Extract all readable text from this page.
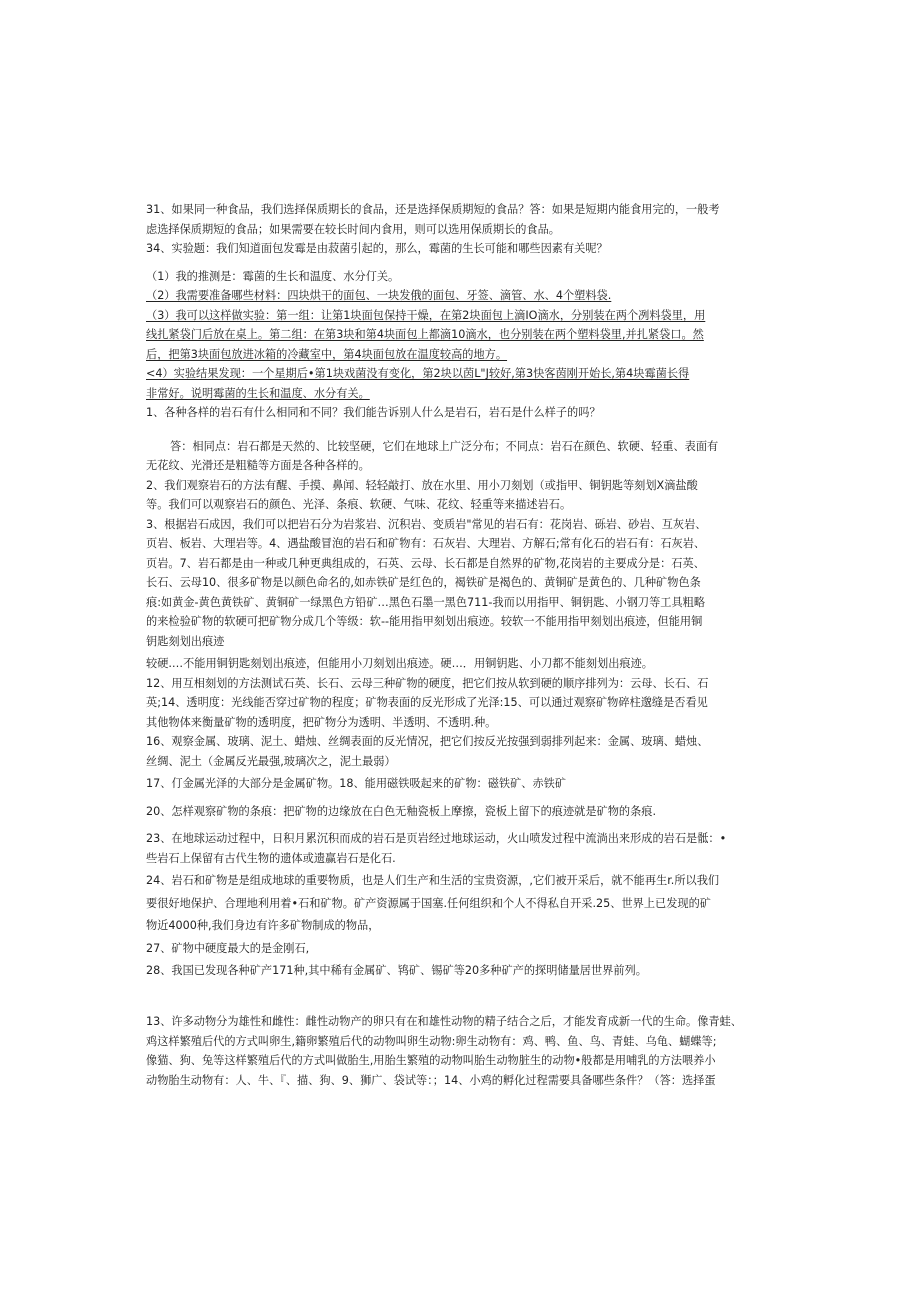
31、如果同一种食品，我们选择保质期长的食品，还是选择保质期短的食品？答：如果是短期内能食用完的，一般考
虑选择保质期短的食品；如果需要在较长时间内食用，则可以选用保质期长的食品。
34、实验题：我们知道面包发霉是由菽菌引起的，那么，霉菌的生长可能和哪些因素有关呢？
（1）我的推测是：霉菌的生长和温度、水分仃关。
（2）我需要准备哪些材料：四块烘干的面包、一块发俄的面包、牙签、滴管、水、4个塑料袋.
（3）我可以这样做实验：第一组：让第1块面包保持干燥，在第2块面包上滴IO滴水，分别装在两个冽料袋里，用
线扎紧袋门后放在桌上。第二组：在第3块和第4块面包上都滴10滴水，也分别装在两个塑料袋里,并扎紧袋口。然
后，把第3块面包放进冰箱的冷藏室中，第4块面包放在温度较高的地方。
<4）实验结果发现：一个星期后•第1块戏菌没有变化，第2块以茵L"J较好,第3快客茵刚开始长,第4块霉菌长得
非常好。说明霉菌的生长和温度、水分有关。
1、各种各样的岩石有什么相同和不同？我们能告诉别人什么是岩石，岩石是什么样子的吗？
答：相同点：岩石都是天然的、比较坚硬，它们在地球上广泛分布；不同点：岩石在颜色、软硬、轻重、表面有
无花纹、光滑还是粗糙等方面是各种各样的。
2、我们观察岩石的方法有醒、手摸、鼻闻、轻轻敲打、放在水里、用小刀刻划（或指甲、铜钥匙等刻划X滴盐酸
等。我们可以观察岩石的颜色、光泽、条痕、软硬、气味、花纹、轻重等来描述岩石。
3、根据岩石成因，我们可以把岩石分为岩浆岩、沉积岩、变质岩"常见的岩石有：花岗岩、砾岩、砂岩、互灰岩、
页岩、板岩、大理岩等。4、遇盐酸冒泡的岩石和矿物有：石灰岩、大理岩、方解石;常有化石的岩石有：石灰岩、
页岩。7、岩石都是由一种或几种更典组成的，石英、云母、长石都是自然界的矿物,花岗岩的主要成分是：石英、
长石、云母10、很多矿物是以颜色命名的,如赤铁矿是红色的，褐铁矿是褐色的、黄铜矿是黄色的、几种矿物色条
痕:如黄金-黄色黄铁矿、黄铜矿一绿黑色方铅矿…黑色石墨一黑色711-我而以用指甲、铜钥匙、小钢刀等工具粗略
的来检验矿物的软硬可把矿物分成几个等级：软--能用指甲刻划出痕迹。较软一不能用指甲刻划出痕迹，但能用铜
钥匙刻划出痕迹
较硬.…不能用铜钥匙刻划出痕迹，但能用小刀刻划出痕迹。硬…．用铜钥匙、小刀都不能刻划出痕迹。
12、用互相刻划的方法测试石英、长石、云母三种矿物的硬度，把它们按从软到硬的顺序排列为：云母、长石、石
英;14、透明度：光线能否穿过矿物的程度；矿物表面的反光形成了光泽:15、可以通过观察矿物碎柱邈缝是否看见
其他物体来衡量矿物的透明度，把矿物分为透明、半透明、不透明.种。
16、观察金属、玻璃、泥土、蜡烛、丝绸表面的反光情况，把它们按反光按强到弱排列起来：金属、玻璃、蜡烛、
丝绸、泥土（金属反光最强,玻璃次之，泥土最弱）
17、仃金属光泽的大部分是金属矿物。18、能用磁铁吸起来的矿物：磁铁矿、赤铁矿
20、怎样观察矿物的条痕：把矿物的边缘放在白色无釉瓷板上摩擦，瓷板上留下的痕迹就是矿物的条痕.
23、在地球运动过程中，日积月累沉积而成的岩石是页岩经过地球运动，火山喷发过程中流淌出来形成的岩石是骶：•
些岩石上保留有古代生物的遗体或遗赢岩石是化石.
24、岩石和矿物是是组成地球的重要物质，也是人们生产和生活的宝贵资源，,它们被开采后，就不能再生r.所以我们
要很好地保护、合理地利用着•石和矿物。矿产资源属于国塞.任何组织和个人不得私自开采.25、世界上已发现的矿
物近4000种,我们身边有许多矿物制成的物品，
27、矿物中硬度最大的是金刚石,
28、我国已发现各种矿产171种,其中稀有金属矿、鸨矿、锡矿等20多种矿产的探明储量居世界前列。
13、许多动物分为雄性和雌性：雌性动物产的卵只有在和雄性动物的精子结合之后，才能发育成新一代的生命。像青蛙、
鸡这样繁殖后代的方式叫卵生,籍卵繁殖后代的动物叫卵生动物:卵生动物有：鸡、鸭、鱼、鸟、青蛙、乌龟、蝴蝶等;
像猫、狗、兔等这样繁殖后代的方式叫做胎生,用胎生繁殖的动物叫胎生动物脏生的动物•般都是用哺乳的方法喂养小
动物胎生动物有：人、牛、『、描、狗、9、狮广、袋试等：；14、小鸡的孵化过程需要具备哪些条件？（答：选择蛋
